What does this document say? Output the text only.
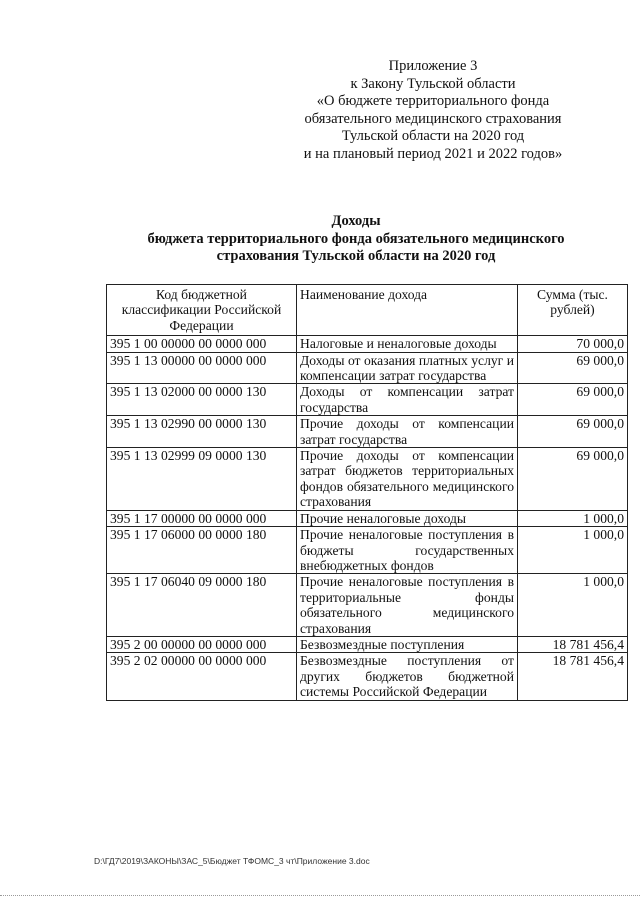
Приложение 3
к Закону Тульской области
«О бюджете территориального фонда
обязательного медицинского страхования
Тульской области на 2020 год
и на плановый период 2021 и 2022 годов»
Доходы
бюджета территориального фонда обязательного медицинского
страхования Тульской области на 2020 год
Код бюджетной классификации Российской Федерации	Наименование дохода	Сумма (тыс. рублей)
395 1 00 00000 00 0000 000	Налоговые и неналоговые доходы	70 000,0
395 1 13 00000 00 0000 000	Доходы от оказания платных услуг и компенсации затрат государства	69 000,0
395 1 13 02000 00 0000 130	Доходы от компенсации затрат государства	69 000,0
395 1 13 02990 00 0000 130	Прочие доходы от компенсации затрат государства	69 000,0
395 1 13 02999 09 0000 130	Прочие доходы от компенсации затрат бюджетов территориальных фондов обязательного медицинского страхования	69 000,0
395 1 17 00000 00 0000 000	Прочие неналоговые доходы	1 000,0
395 1 17 06000 00 0000 180	Прочие неналоговые поступления в бюджеты государственных внебюджетных фондов	1 000,0
395 1 17 06040 09 0000 180	Прочие неналоговые поступления в территориальные фонды обязательного медицинского страхования	1 000,0
395 2 00 00000 00 0000 000	Безвозмездные поступления	18 781 456,4
395 2 02 00000 00 0000 000	Безвозмездные поступления от других бюджетов бюджетной системы Российской Федерации	18 781 456,4
D:\ГД7\2019\ЗАКОНЫ\ЗАС_5\Бюджет ТФОМС_3 чт\Приложение 3.doc
